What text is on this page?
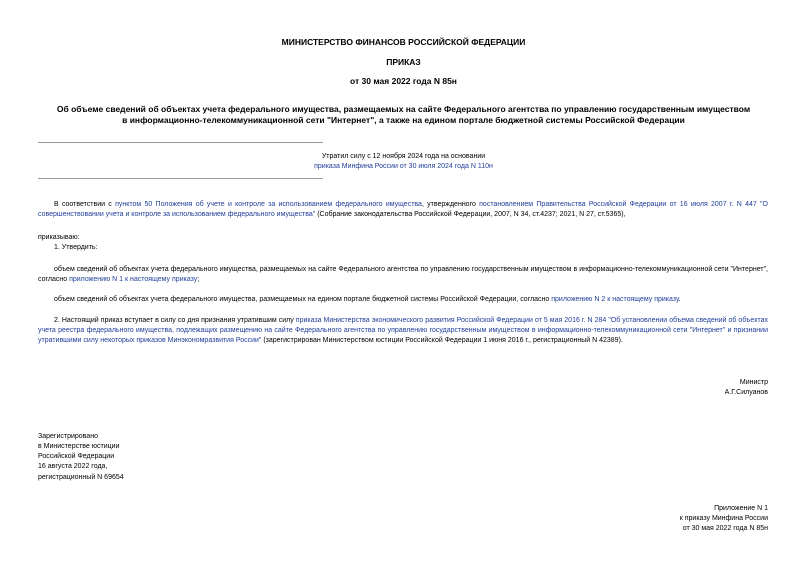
МИНИСТЕРСТВО ФИНАНСОВ РОССИЙСКОЙ ФЕДЕРАЦИИ
ПРИКАЗ
от 30 мая 2022 года N 85н
Об объеме сведений об объектах учета федерального имущества, размещаемых на сайте Федерального агентства по управлению государственным имуществом
в информационно-телекоммуникационной сети "Интернет", а также на едином портале бюджетной системы Российской Федерации
Утратил силу с 12 ноября 2024 года на основании
приказа Минфина России от 30 июля 2024 года N 110н
В соответствии с пунктом 50 Положения об учете и контроле за использованием федерального имущества, утвержденного постановлением Правительства Российской Федерации от 16 июля 2007 г. N 447 "О совершенствовании учета и контроле за использованием федерального имущества" (Собрание законодательства Российской Федерации, 2007, N 34, ст.4237; 2021, N 27, ст.5365),
приказываю:
1. Утвердить:
объем сведений об объектах учета федерального имущества, размещаемых на сайте Федерального агентства по управлению государственным имуществом в информационно-телекоммуникационной сети "Интернет", согласно приложению N 1 к настоящему приказу;
объем сведений об объектах учета федерального имущества, размещаемых на едином портале бюджетной системы Российской Федерации, согласно приложению N 2 к настоящему приказу.
2. Настоящий приказ вступает в силу со дня признания утратившим силу приказа Министерства экономического развития Российской Федерации от 5 мая 2016 г. N 284 "Об установлении объема сведений об объектах учета реестра федерального имущества, подлежащих размещению на сайте Федерального агентства по управлению государственным имуществом в информационно-телекоммуникационной сети "Интернет" и признании утратившими силу некоторых приказов Минэкономразвития России" (зарегистрирован Министерством юстиции Российской Федерации 1 июня 2016 г., регистрационный N 42389).
Министр
А.Г.Силуанов
Зарегистрировано
в Министерстве юстиции
Российской Федерации
16 августа 2022 года,
регистрационный N 69654
Приложение N 1
к приказу Минфина России
от 30 мая 2022 года N 85н
